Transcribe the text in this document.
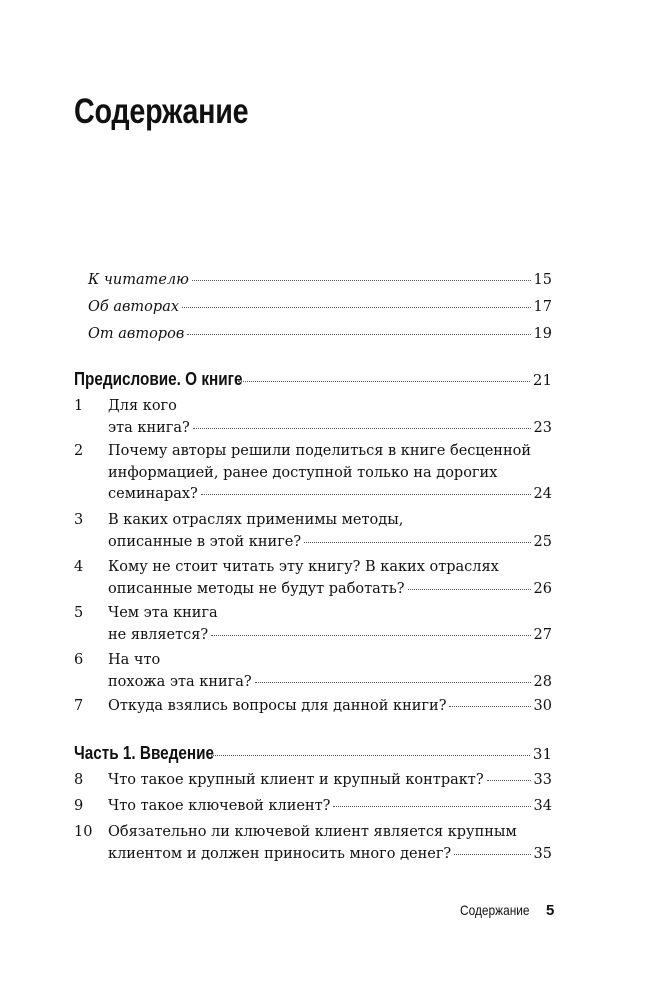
Содержание
К читателю	15
Об авторах	17
От авторов	19
Предисловие. О книге	21
1 Для кого
эта книга?	23
2 Почему авторы решили поделиться в книге бесценной
информацией, ранее доступной только на дорогих
семинарах?	24
3 В каких отраслях применимы методы,
описанные в этой книге?	25
4 Кому не стоит читать эту книгу? В каких отраслях
описанные методы не будут работать?	26
5 Чем эта книга
не является?	27
6 На что
похожа эта книга?	28
7 Откуда взялись вопросы для данной книги?	30
Часть 1. Введение	31
8 Что такое крупный клиент и крупный контракт?	33
9 Что такое ключевой клиент?	34
10 Обязательно ли ключевой клиент является крупным
клиентом и должен приносить много денег?	35
Содержание 5
